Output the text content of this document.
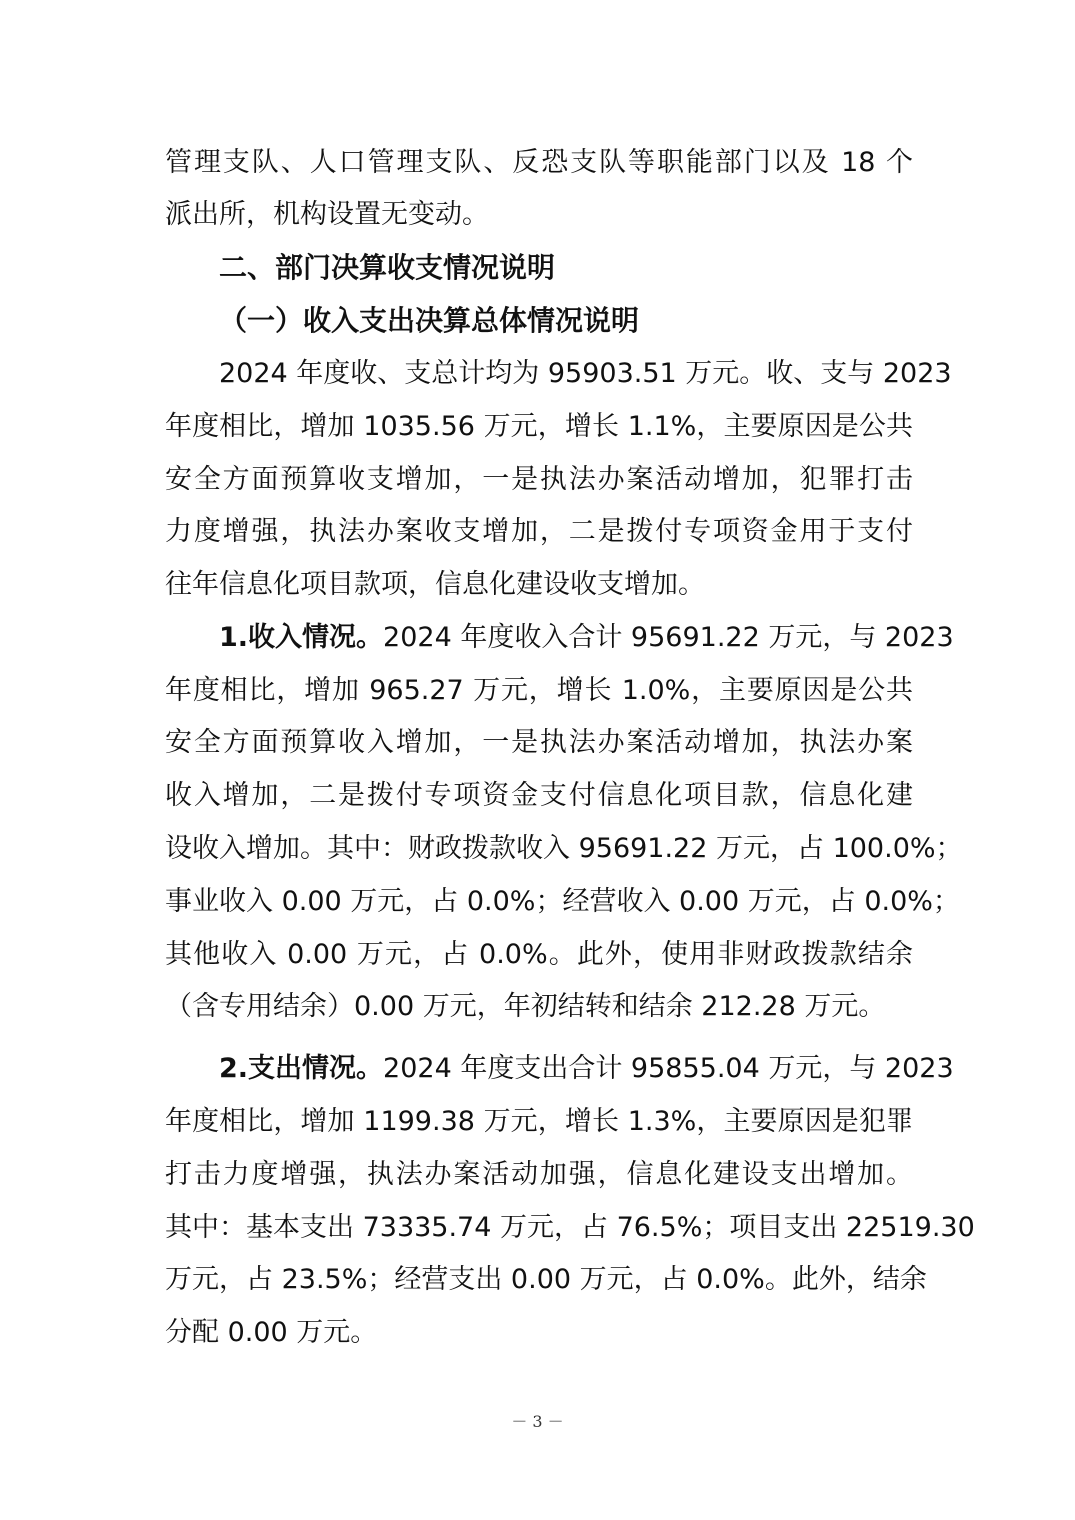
管理支队、人口管理支队、反恐支队等职能部门以及 18 个
派出所，机构设置无变动。
二、部门决算收支情况说明
（一）收入支出决算总体情况说明
2024 年度收、支总计均为 95903.51 万元。收、支与 2023
年度相比，增加 1035.56 万元，增长 1.1%，主要原因是公共
安全方面预算收支增加，一是执法办案活动增加，犯罪打击
力度增强，执法办案收支增加，二是拨付专项资金用于支付
往年信息化项目款项，信息化建设收支增加。
1.收入情况。2024 年度收入合计 95691.22 万元，与 2023
年度相比，增加 965.27 万元，增长 1.0%，主要原因是公共
安全方面预算收入增加，一是执法办案活动增加，执法办案
收入增加，二是拨付专项资金支付信息化项目款，信息化建
设收入增加。其中：财政拨款收入 95691.22 万元，占 100.0%；
事业收入 0.00 万元，占 0.0%；经营收入 0.00 万元，占 0.0%；
其他收入 0.00 万元，占 0.0%。此外，使用非财政拨款结余
（含专用结余）0.00 万元，年初结转和结余 212.28 万元。
2.支出情况。2024 年度支出合计 95855.04 万元，与 2023
年度相比，增加 1199.38 万元，增长 1.3%，主要原因是犯罪
打击力度增强，执法办案活动加强，信息化建设支出增加。
其中：基本支出 73335.74 万元，占 76.5%；项目支出 22519.30
万元，占 23.5%；经营支出 0.00 万元，占 0.0%。此外，结余
分配 0.00 万元。
－ 3 －
